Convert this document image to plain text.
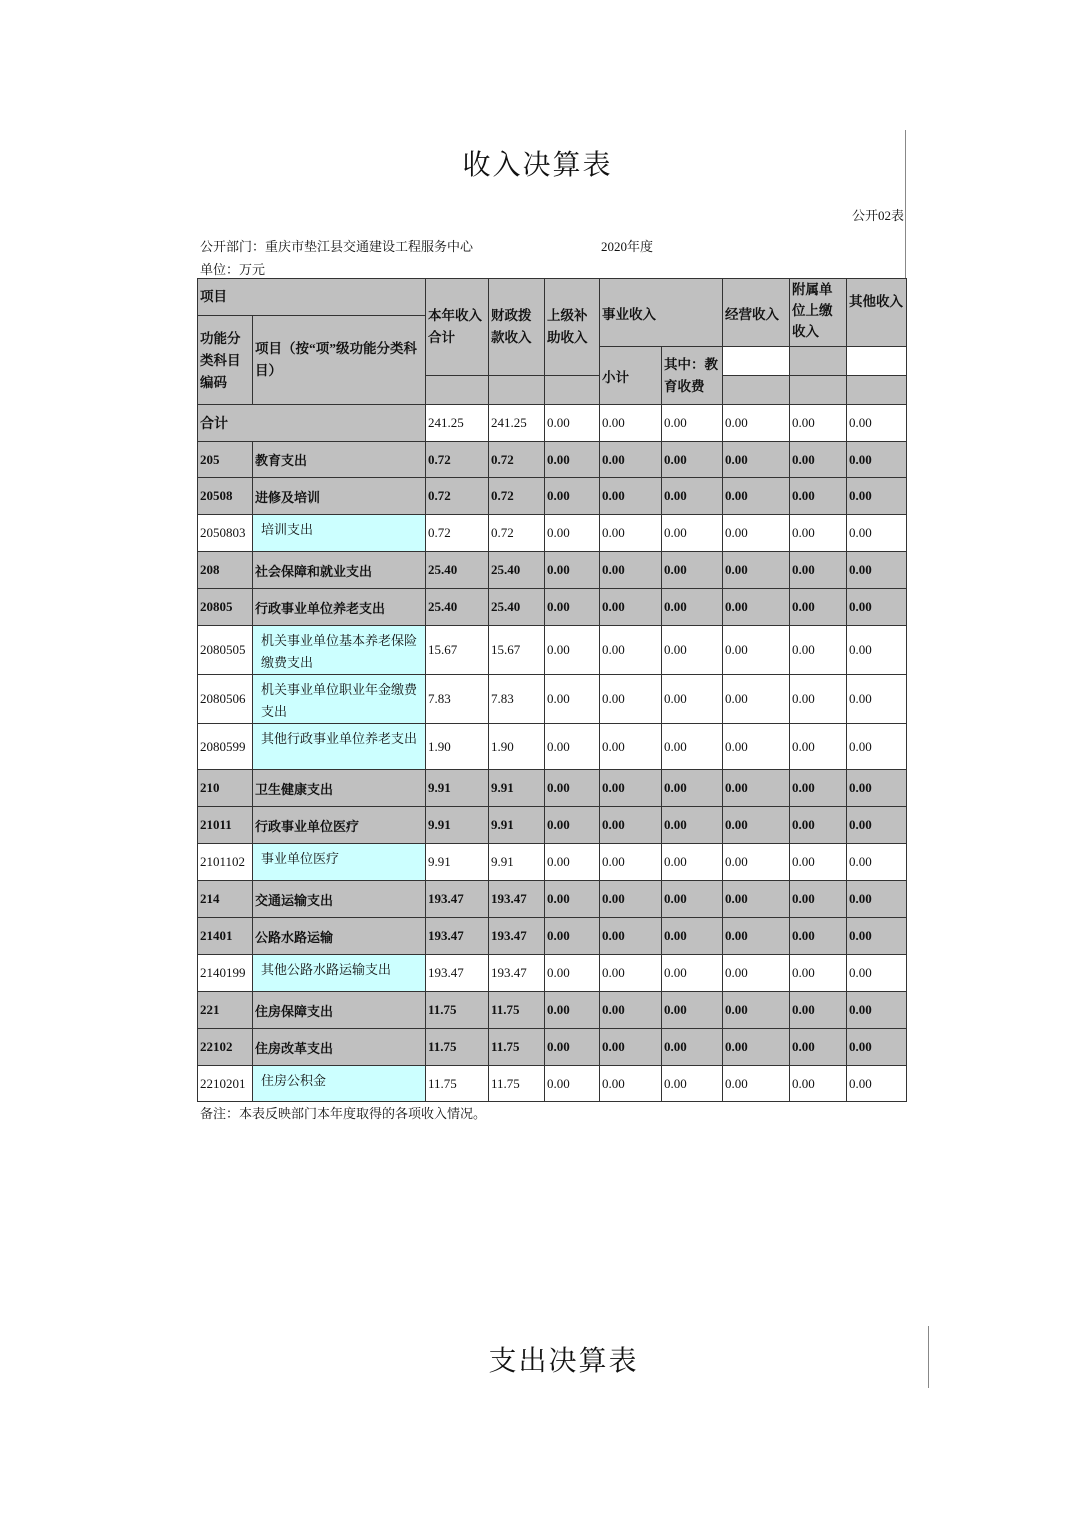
收入决算表
公开02表
公开部门：重庆市垫江县交通建设工程服务中心	2020年度
单位：万元
项目		本年收入合计	财政拨款收入	上级补助收入	事业收入		经营收入	附属单位上缴收入	其他收入
功能分类科目编码	项目（按“项”级功能分类科目）								
					小计	其中：教育收费			

合计		241.25	241.25	0.00	0.00	0.00	0.00	0.00	0.00
205	教育支出	0.72	0.72	0.00	0.00	0.00	0.00	0.00	0.00
20508	进修及培训	0.72	0.72	0.00	0.00	0.00	0.00	0.00	0.00
2050803	培训支出	0.72	0.72	0.00	0.00	0.00	0.00	0.00	0.00
208	社会保障和就业支出	25.40	25.40	0.00	0.00	0.00	0.00	0.00	0.00
20805	行政事业单位养老支出	25.40	25.40	0.00	0.00	0.00	0.00	0.00	0.00
2080505	机关事业单位基本养老保险缴费支出	15.67	15.67	0.00	0.00	0.00	0.00	0.00	0.00
2080506	机关事业单位职业年金缴费支出	7.83	7.83	0.00	0.00	0.00	0.00	0.00	0.00
2080599	其他行政事业单位养老支出	1.90	1.90	0.00	0.00	0.00	0.00	0.00	0.00
210	卫生健康支出	9.91	9.91	0.00	0.00	0.00	0.00	0.00	0.00
21011	行政事业单位医疗	9.91	9.91	0.00	0.00	0.00	0.00	0.00	0.00
2101102	事业单位医疗	9.91	9.91	0.00	0.00	0.00	0.00	0.00	0.00
214	交通运输支出	193.47	193.47	0.00	0.00	0.00	0.00	0.00	0.00
21401	公路水路运输	193.47	193.47	0.00	0.00	0.00	0.00	0.00	0.00
2140199	其他公路水路运输支出	193.47	193.47	0.00	0.00	0.00	0.00	0.00	0.00
221	住房保障支出	11.75	11.75	0.00	0.00	0.00	0.00	0.00	0.00
22102	住房改革支出	11.75	11.75	0.00	0.00	0.00	0.00	0.00	0.00
2210201	住房公积金	11.75	11.75	0.00	0.00	0.00	0.00	0.00	0.00
备注：本表反映部门本年度取得的各项收入情况。
支出决算表
